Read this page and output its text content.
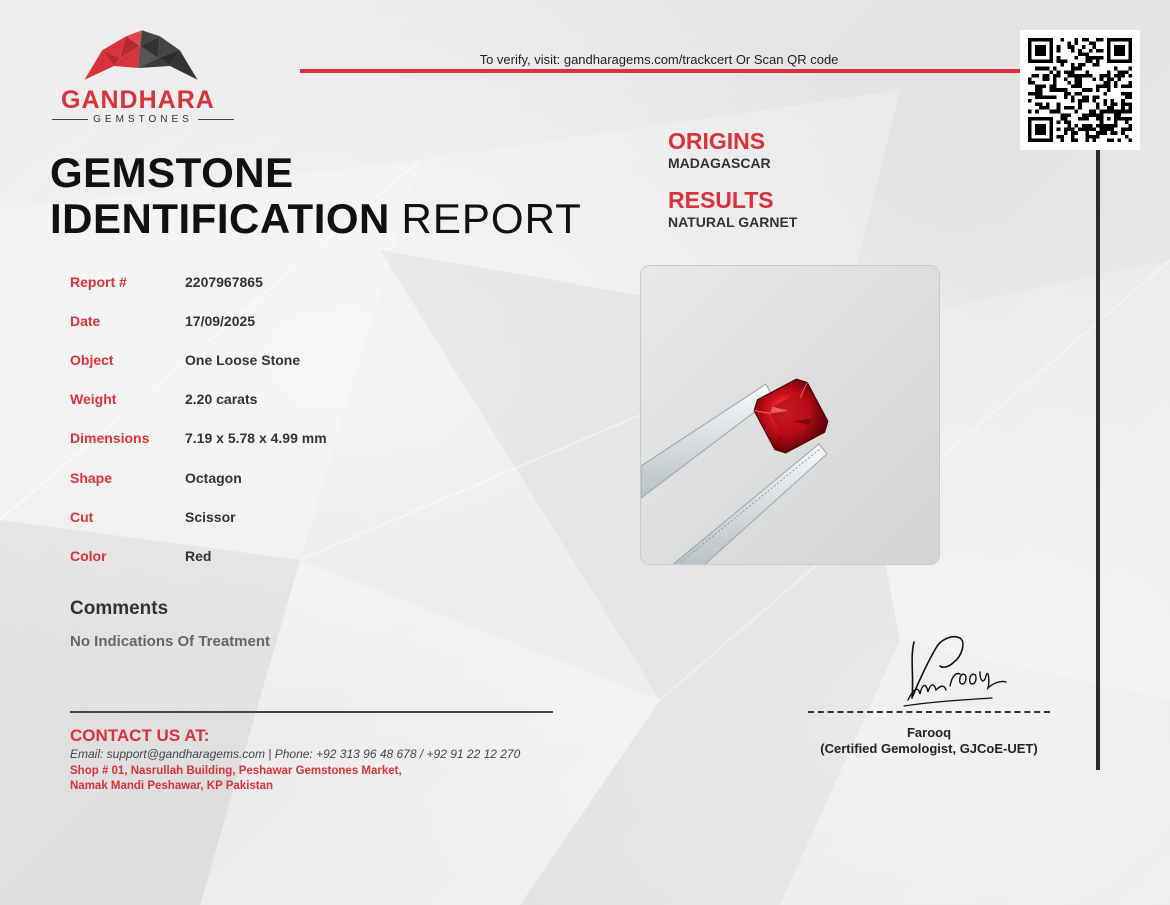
GANDHARA
GEMSTONES
To verify, visit: gandharagems.com/trackcert Or Scan QR code
GEMSTONE
IDENTIFICATION REPORT
ORIGINS
MADAGASCAR
RESULTS
NATURAL GARNET
Report #	2207967865
Date	17/09/2025
Object	One Loose Stone
Weight	2.20 carats
Dimensions	7.19 x 5.78 x 4.99 mm
Shape	Octagon
Cut	Scissor
Color	Red
Comments
No Indications Of Treatment
CONTACT US AT:
Email: support@gandharagems.com | Phone: +92 313 96 48 678 / +92 91 22 12 270
Shop # 01, Nasrullah Building, Peshawar Gemstones Market,
Namak Mandi Peshawar, KP Pakistan
Farooq
(Certified Gemologist, GJCoE-UET)
